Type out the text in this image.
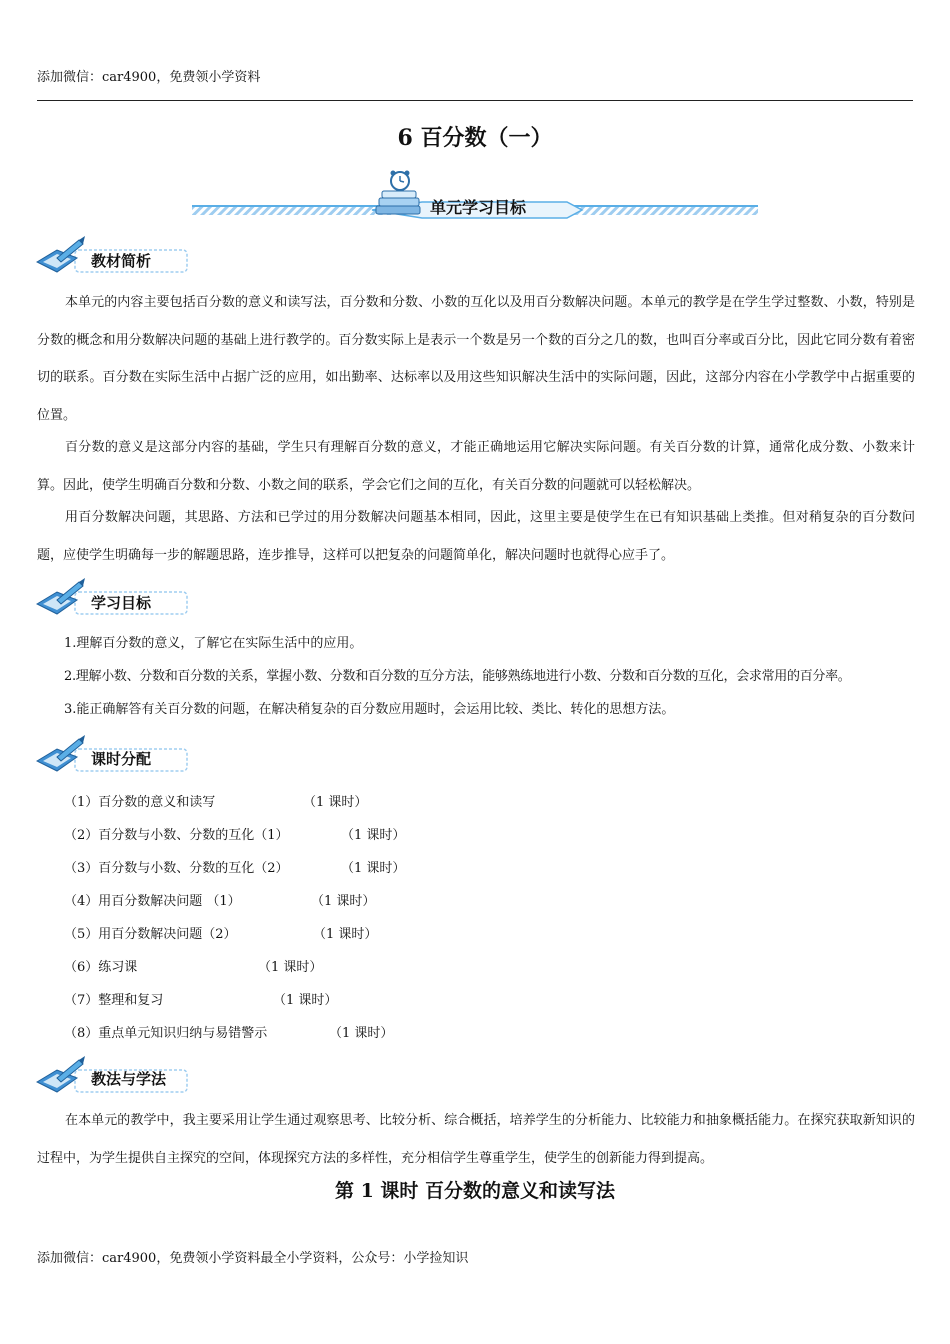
添加微信：car4900，免费领小学资料
6 百分数（一）
单元学习目标
教材简析
本单元的内容主要包括百分数的意义和读写法，百分数和分数、小数的互化以及用百分数解决问题。本单元的教学是在学生学过整数、小数，特别是分数的概念和用分数解决问题的基础上进行教学的。百分数实际上是表示一个数是另一个数的百分之几的数，也叫百分率或百分比，因此它同分数有着密切的联系。百分数在实际生活中占据广泛的应用，如出勤率、达标率以及用这些知识解决生活中的实际问题，因此，这部分内容在小学教学中占据重要的位置。
百分数的意义是这部分内容的基础，学生只有理解百分数的意义，才能正确地运用它解决实际问题。有关百分数的计算，通常化成分数、小数来计算。因此，使学生明确百分数和分数、小数之间的联系，学会它们之间的互化，有关百分数的问题就可以轻松解决。
用百分数解决问题，其思路、方法和已学过的用分数解决问题基本相同，因此，这里主要是使学生在已有知识基础上类推。但对稍复杂的百分数问题，应使学生明确每一步的解题思路，连步推导，这样可以把复杂的问题简单化，解决问题时也就得心应手了。
学习目标
1.理解百分数的意义，了解它在实际生活中的应用。
2.理解小数、分数和百分数的关系，掌握小数、分数和百分数的互分方法，能够熟练地进行小数、分数和百分数的互化，会求常用的百分率。
3.能正确解答有关百分数的问题，在解决稍复杂的百分数应用题时，会运用比较、类比、转化的思想方法。
课时分配
（1）百分数的意义和读写	（1 课时）
（2）百分数与小数、分数的互化（1）	（1 课时）
（3）百分数与小数、分数的互化（2）	（1 课时）
（4）用百分数解决问题 （1）	（1 课时）
（5）用百分数解决问题（2）	（1 课时）
（6）练习课	（1 课时）
（7）整理和复习	（1 课时）
（8）重点单元知识归纳与易错警示	（1 课时）
教法与学法
在本单元的教学中，我主要采用让学生通过观察思考、比较分析、综合概括，培养学生的分析能力、比较能力和抽象概括能力。在探究获取新知识的过程中，为学生提供自主探究的空间，体现探究方法的多样性，充分相信学生尊重学生，使学生的创新能力得到提高。
第 1 课时 百分数的意义和读写法
添加微信：car4900，免费领小学资料最全小学资料，公众号：小学捡知识
